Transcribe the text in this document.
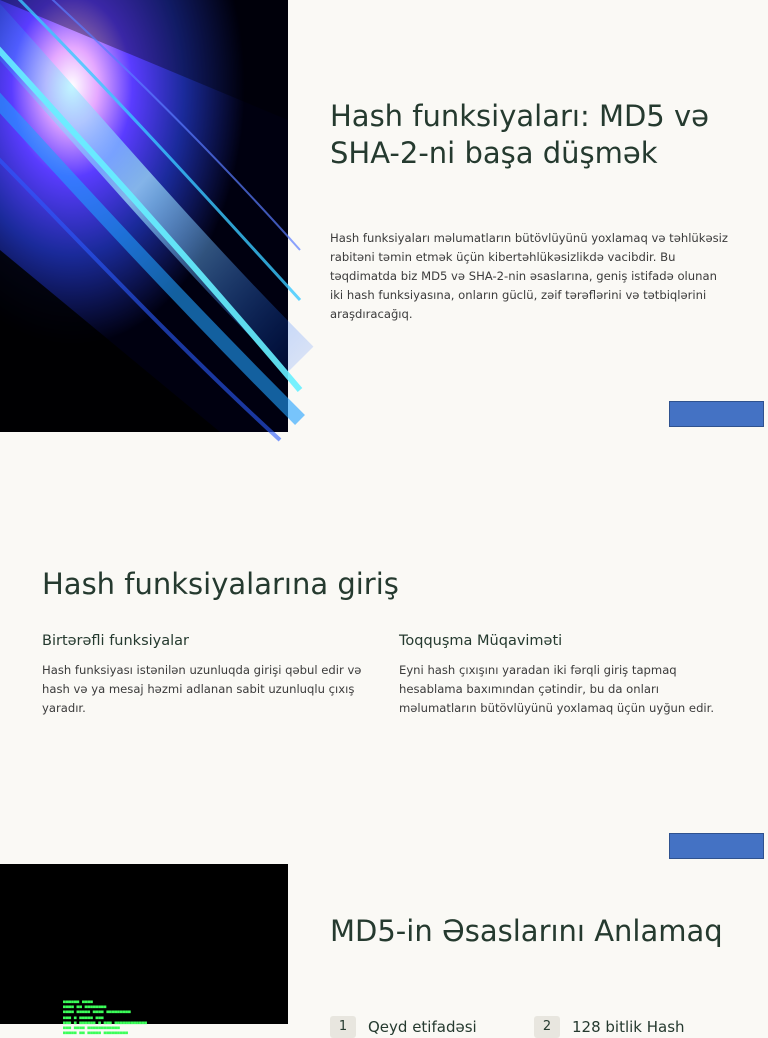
Hash funksiyaları: MD5 və SHA-2-ni başa düşmək

Hash funksiyaları məlumatların bütövlüyünü yoxlamaq və təhlükəsiz rabitəni təmin etmək üçün kibertəhlükəsizlikdə vacibdir. Bu təqdimatda biz MD5 və SHA-2-nin əsaslarına, geniş istifadə olunan iki hash funksiyasına, onların güclü, zəif tərəflərini və tətbiqlərini araşdıracağıq.

Hash funksiyalarına giriş
Birtərəfli funksiyalar

Hash funksiyası istənilən uzunluqda girişi qəbul edir və hash və ya mesaj həzmi adlanan sabit uzunluqlu çıxış yaradır.

Toqquşma Müqaviməti

Eyni hash çıxışını yaradan iki fərqli giriş tapmaq hesablama baxımından çətindir, bu da onları məlumatların bütövlüyünü yoxlamaq üçün uyğun edir.

■■■■■■ ■■■■
■■■■ ■■ ■■■■■■■■
■■■■ ■■■■■ ■■■■ ■■■■■■■■■
■■■ ■ ■■■■■ ■■■
■■■ ■ ■■■■■■ ■ ■■■ ■■■■■■■■■■■■
■■■ ■■■■ ■■■■■■■■■■■■
■■■■■ ■■ ■■■■■ ■■■■■■■■■
MD5-in Əsaslarını Anlamaq
1	Qeyd etifadəsi	2	128 bitlik Hash
